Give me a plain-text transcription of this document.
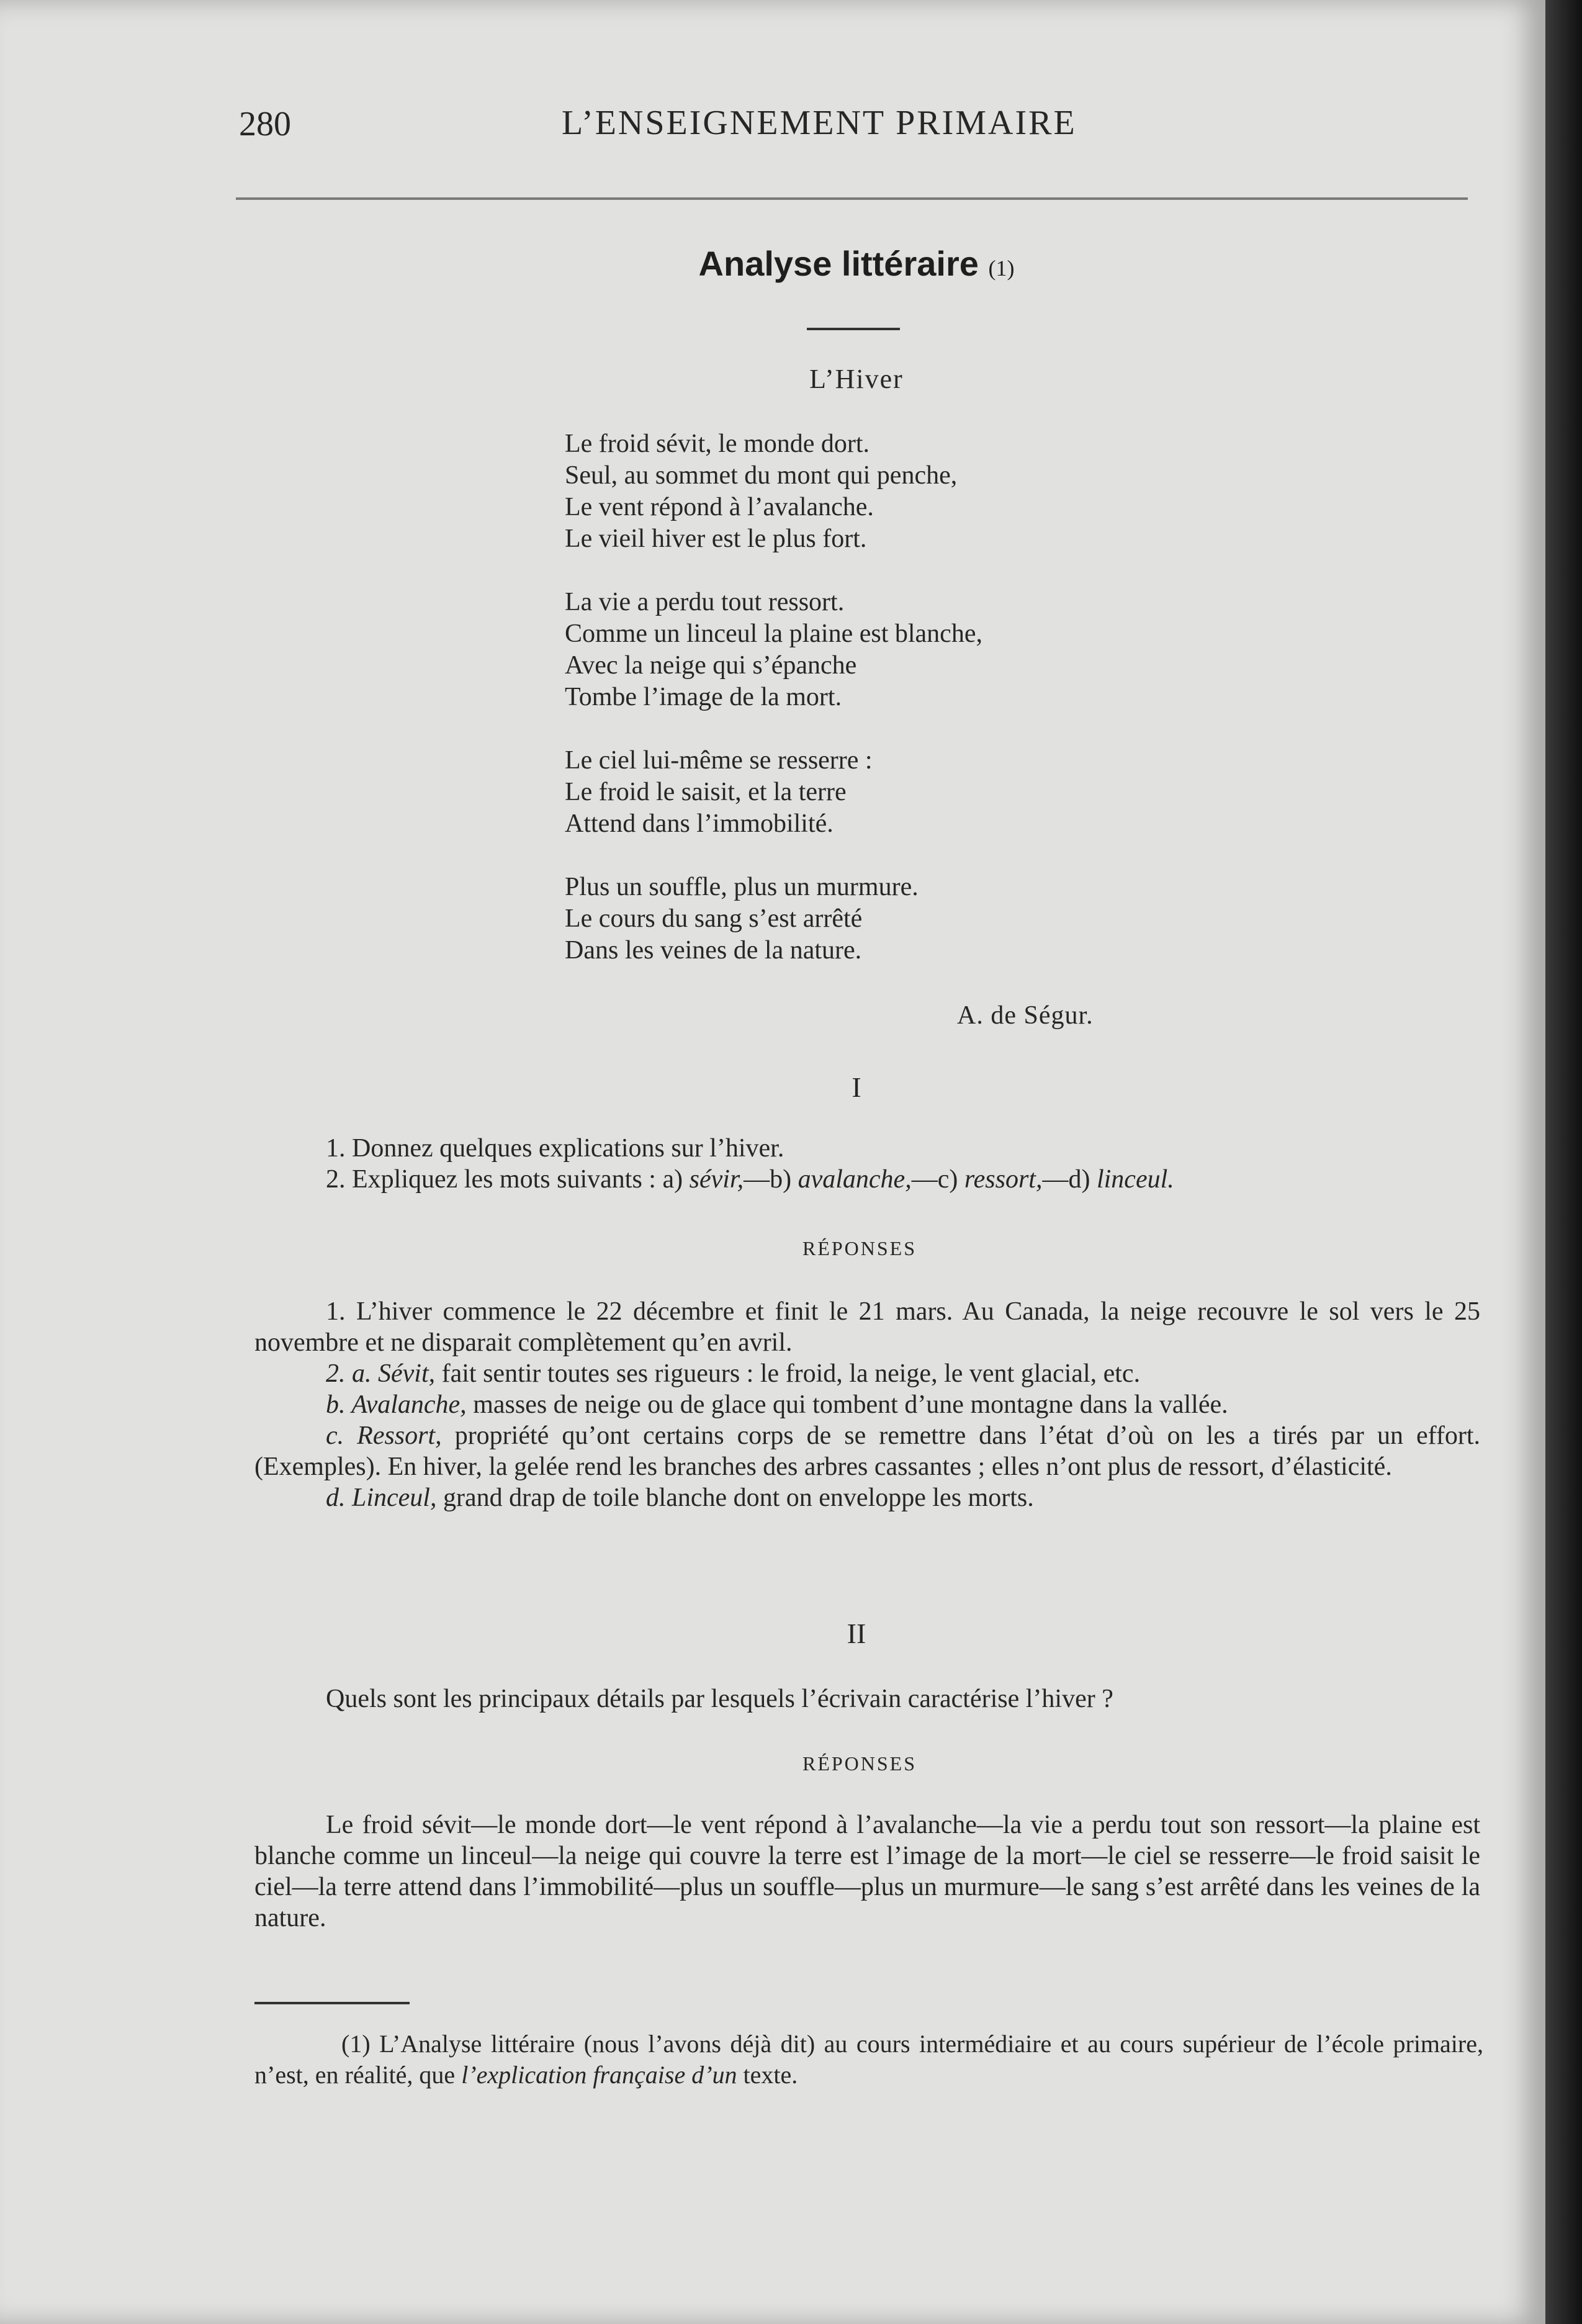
280	L’ENSEIGNEMENT PRIMAIRE
Analyse littéraire (1)
L’Hiver
Le froid sévit, le monde dort.
Seul, au sommet du mont qui penche,
Le vent répond à l’avalanche.
Le vieil hiver est le plus fort.
La vie a perdu tout ressort.
Comme un linceul la plaine est blanche,
Avec la neige qui s’épanche
Tombe l’image de la mort.
Le ciel lui-même se resserre :
Le froid le saisit, et la terre
Attend dans l’immobilité.
Plus un souffle, plus un murmure.
Le cours du sang s’est arrêté
Dans les veines de la nature.
A. de Ségur.
I

1. Donnez quelques explications sur l’hiver.

2. Expliquez les mots suivants : a) sévir,—b) avalanche,—c) ressort,—d) linceul.

RÉPONSES

1. L’hiver commence le 22 décembre et finit le 21 mars. Au Canada, la neige recouvre le sol vers le 25 novembre et ne disparait complètement qu’en avril.

2. a. Sévit, fait sentir toutes ses rigueurs : le froid, la neige, le vent glacial, etc.

b. Avalanche, masses de neige ou de glace qui tombent d’une montagne dans la vallée.

c. Ressort, propriété qu’ont certains corps de se remettre dans l’état d’où on les a tirés par un effort. (Exemples). En hiver, la gelée rend les branches des arbres cassantes ; elles n’ont plus de ressort, d’élasticité.

d. Linceul, grand drap de toile blanche dont on enveloppe les morts.

II

Quels sont les principaux détails par lesquels l’écrivain caractérise l’hiver ?

RÉPONSES

Le froid sévit—le monde dort—le vent répond à l’avalanche—la vie a perdu tout son ressort—la plaine est blanche comme un linceul—la neige qui couvre la terre est l’image de la mort—le ciel se resserre—le froid saisit le ciel—la terre attend dans l’immobilité—plus un souffle—plus un murmure—le sang s’est arrêté dans les veines de la nature.

(1) L’Analyse littéraire (nous l’avons déjà dit) au cours intermédiaire et au cours supérieur de l’école primaire, n’est, en réalité, que l’explication française d’un texte.
